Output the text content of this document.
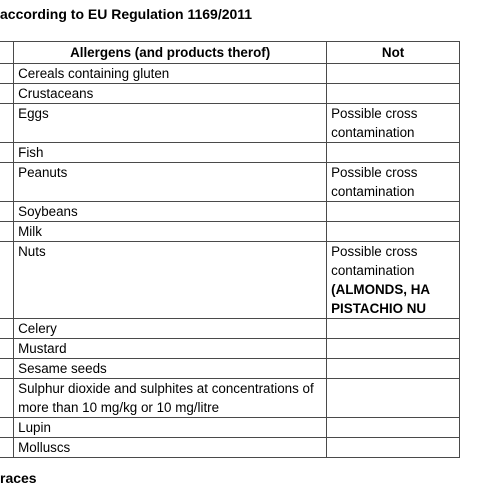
according to EU Regulation 1169/2011
	Allergens (and products therof)	Not
	Cereals containing gluten	
	Crustaceans	
	Eggs	Possible cross
contamination

	Fish	
	Peanuts	Possible cross
contamination

	Soybeans	
	Milk	
	Nuts	Possible cross
contamination
(ALMONDS, HA
PISTACHIO NU

	Celery	
	Mustard	
	Sesame seeds	
	Sulphur dioxide and sulphites at concentrations of more than 10 mg/kg or 10 mg/litre	
	Lupin	
	Molluscs	
races
